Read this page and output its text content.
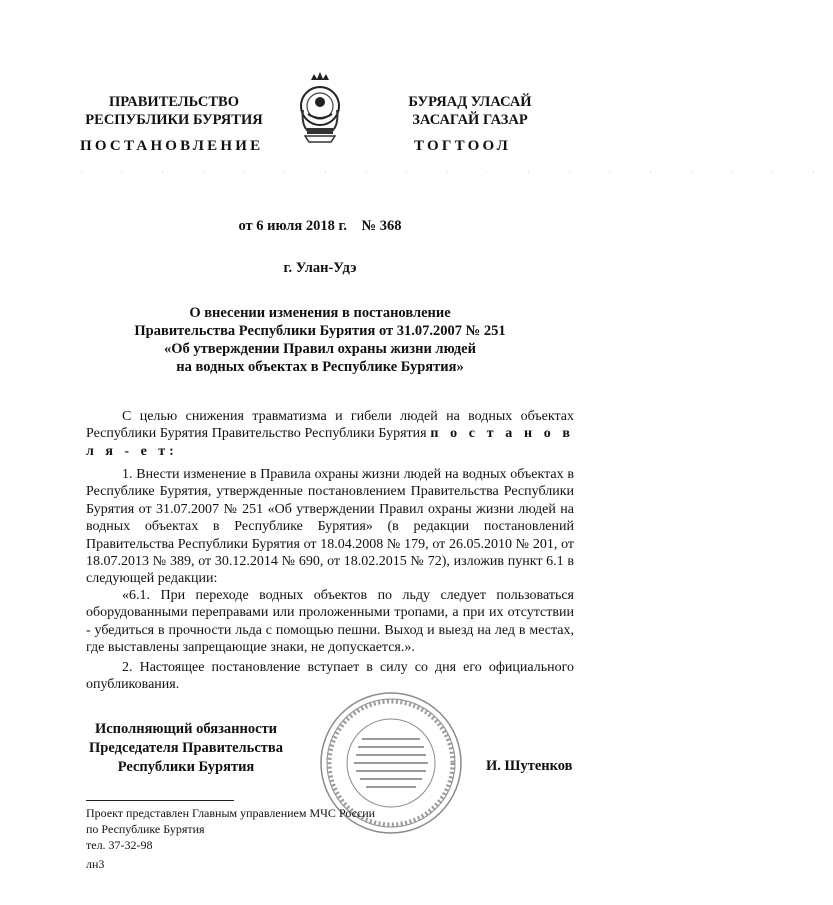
ПРАВИТЕЛЬСТВО
РЕСПУБЛИКИ БУРЯТИЯ
БУРЯАД УЛАСАЙ
ЗАСАГАЙ ГАЗАР
ПОСТАНОВЛЕНИЕ	ТОГТООЛ
· · · · · · · · · · · · · · · · · · ·
от 6 июля 2018 г.    № 368
г. Улан-Удэ
О внесении изменения в постановление
Правительства Республики Бурятия от 31.07.2007 № 251
«Об утверждении Правил охраны жизни людей
на водных объектах в Республике Бурятия»

С целью снижения травматизма и гибели людей на водных объектах Республики Бурятия Правительство Республики Бурятия п о с т а н о в л я - е т:

1. Внести изменение в Правила охраны жизни людей на водных объектах в Республике Бурятия, утвержденные постановлением Правительства Республики Бурятия от 31.07.2007 № 251 «Об утверждении Правил охраны жизни людей на водных объектах в Республике Бурятия» (в редакции постановлений Правительства Республики Бурятия от 18.04.2008 № 179, от 26.05.2010 № 201, от 18.07.2013 № 389, от 30.12.2014 № 690, от 18.02.2015 № 72), изложив пункт 6.1 в следующей редакции:

«6.1. При переходе водных объектов по льду следует пользоваться оборудованными переправами или проложенными тропами, а при их отсутствии - убедиться в прочности льда с помощью пешни. Выход и выезд на лед в местах, где выставлены запрещающие знаки, не допускается.».

2. Настоящее постановление вступает в силу со дня его официального опубликования.

Исполняющий обязанности
Председателя Правительства
Республики Бурятия	И. Шутенков
Проект представлен Главным управлением МЧС России
по Республике Бурятия
тел. 37-32-98
лн3
